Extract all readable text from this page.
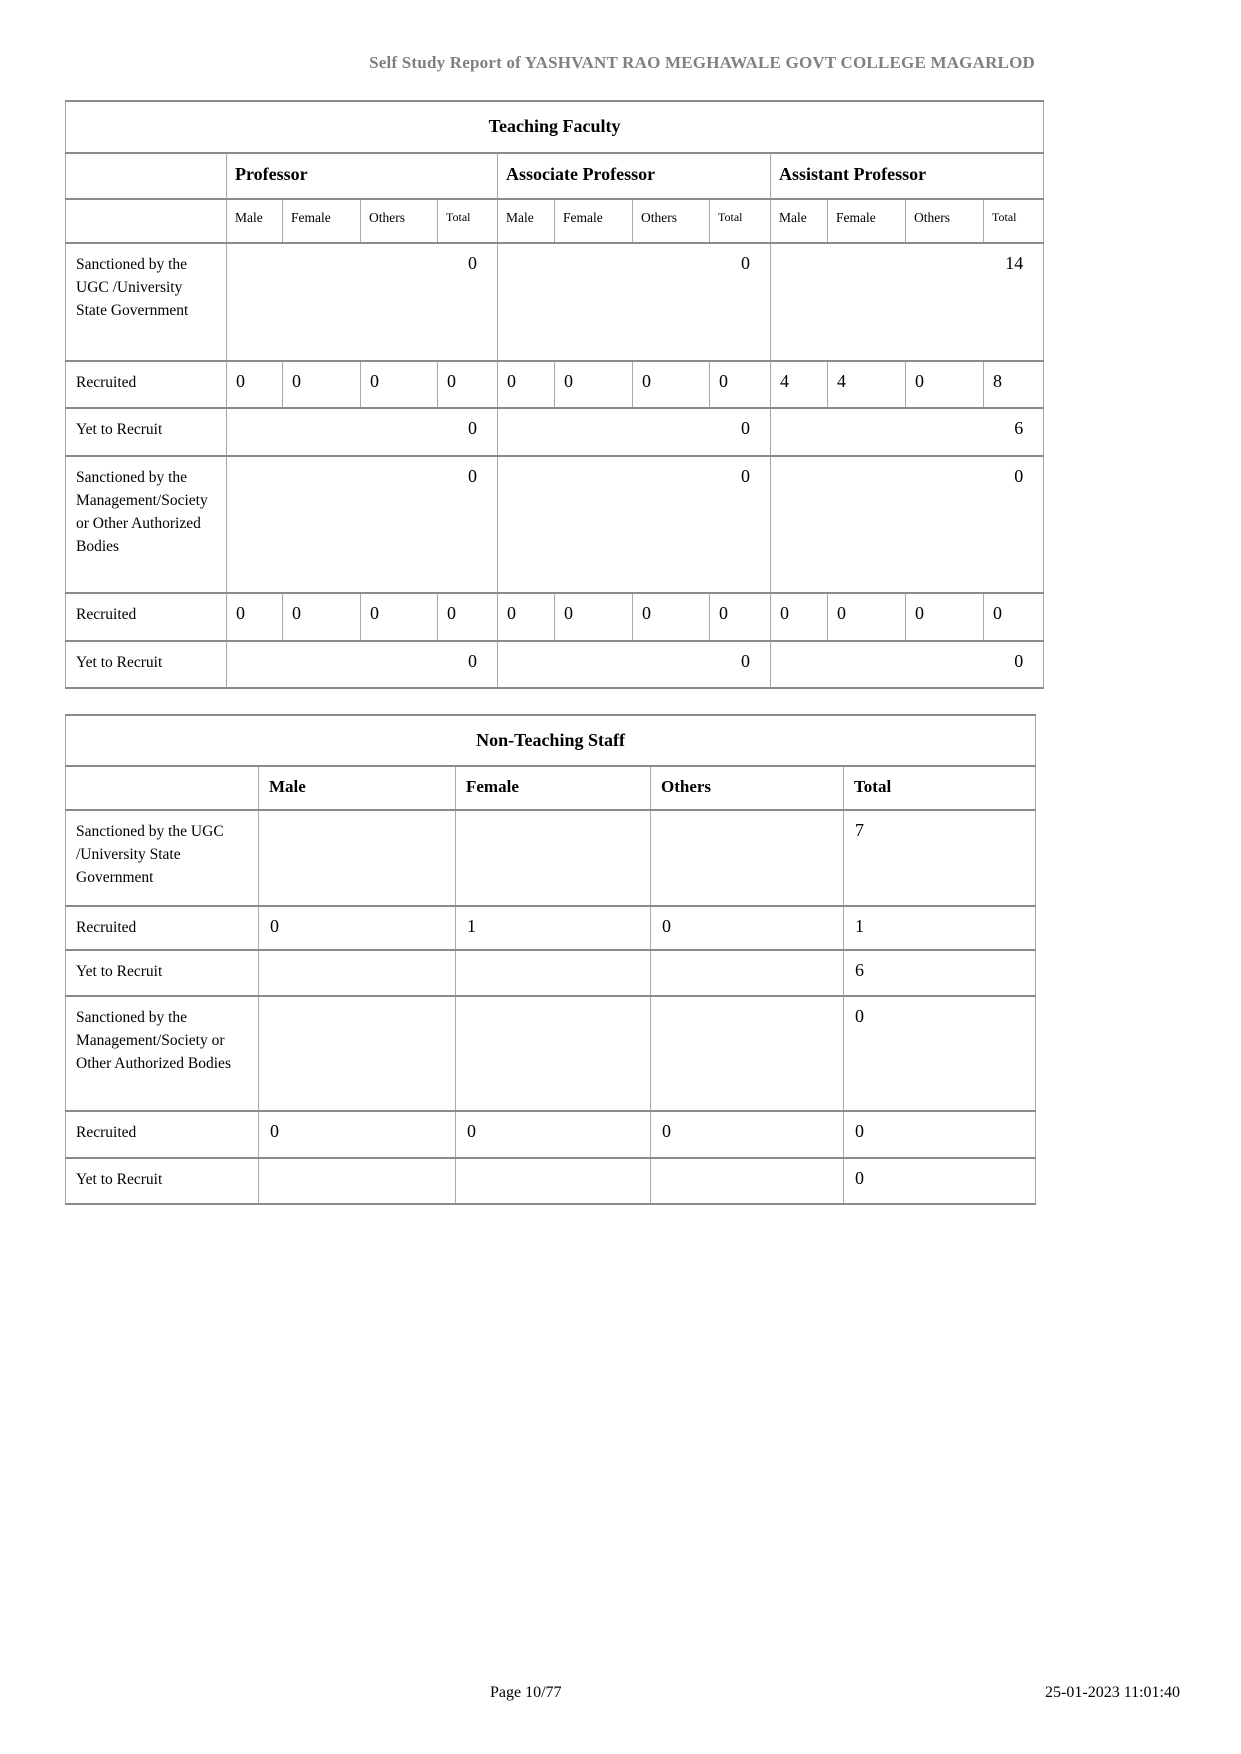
Self Study Report of YASHVANT RAO MEGHAWALE GOVT COLLEGE MAGARLOD
Teaching Faculty												
	Professor				Associate Professor				Assistant Professor			
	Male	Female	Others	Total	Male	Female	Others	Total	Male	Female	Others	Total
Sanctioned by the UGC /University State Government	0				0				14			
Recruited	0	0	0	0	0	0	0	0	4	4	0	8
Yet to Recruit	0				0				6			
Sanctioned by the Management/Society or Other Authorized Bodies	0				0				0			
Recruited	0	0	0	0	0	0	0	0	0	0	0	0
Yet to Recruit	0				0				0			
Non-Teaching Staff				
	Male	Female	Others	Total
Sanctioned by the UGC /University State Government				7
Recruited	0	1	0	1
Yet to Recruit				6
Sanctioned by the Management/Society or Other Authorized Bodies				0
Recruited	0	0	0	0
Yet to Recruit				0
Page 10/77	25-01-2023 11:01:40
